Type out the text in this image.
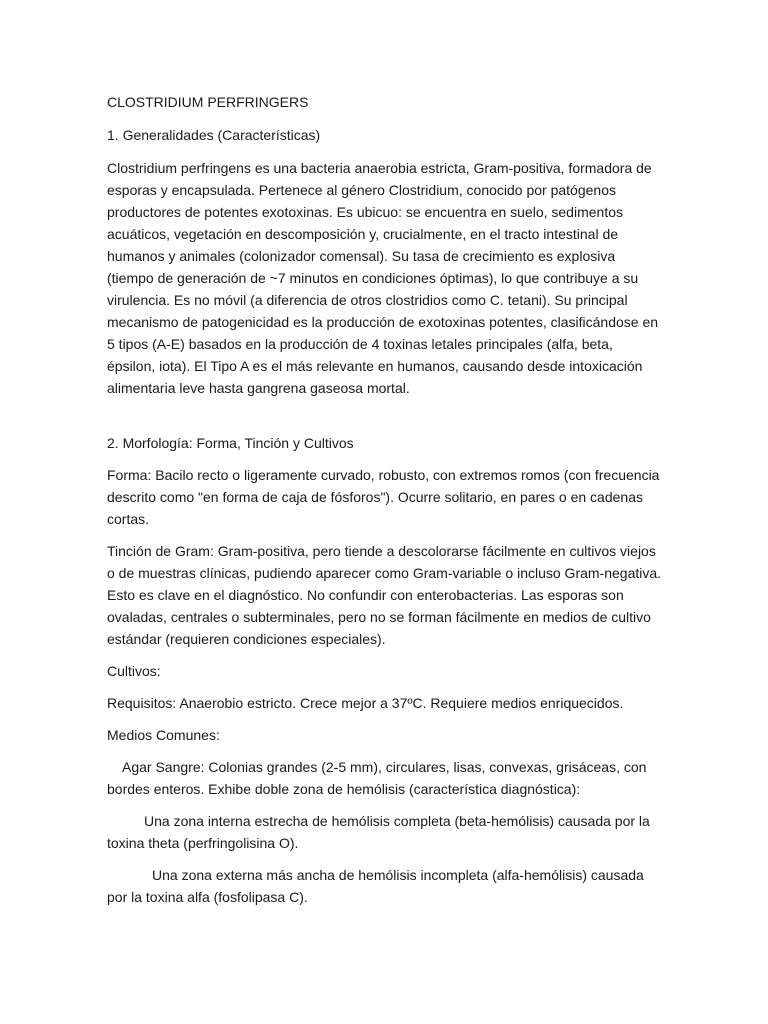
CLOSTRIDIUM PERFRINGERS

1. Generalidades (Características)

Clostridium perfringens es una bacteria anaerobia estricta, Gram-positiva, formadora de esporas y encapsulada. Pertenece al género Clostridium, conocido por patógenos productores de potentes exotoxinas. Es ubicuo: se encuentra en suelo, sedimentos acuáticos, vegetación en descomposición y, crucialmente, en el tracto intestinal de humanos y animales (colonizador comensal). Su tasa de crecimiento es explosiva (tiempo de generación de ~7 minutos en condiciones óptimas), lo que contribuye a su virulencia. Es no móvil (a diferencia de otros clostridios como C. tetani). Su principal mecanismo de patogenicidad es la producción de exotoxinas potentes, clasificándose en 5 tipos (A-E) basados en la producción de 4 toxinas letales principales (alfa, beta, épsilon, iota). El Tipo A es el más relevante en humanos, causando desde intoxicación alimentaria leve hasta gangrena gaseosa mortal.

2. Morfología: Forma, Tinción y Cultivos

Forma: Bacilo recto o ligeramente curvado, robusto, con extremos romos (con frecuencia descrito como "en forma de caja de fósforos"). Ocurre solitario, en pares o en cadenas cortas.

Tinción de Gram: Gram-positiva, pero tiende a descolorarse fácilmente en cultivos viejos o de muestras clínicas, pudiendo aparecer como Gram-variable o incluso Gram-negativa. Esto es clave en el diagnóstico. No confundir con enterobacterias. Las esporas son ovaladas, centrales o subterminales, pero no se forman fácilmente en medios de cultivo estándar (requieren condiciones especiales).

Cultivos:

Requisitos: Anaerobio estricto. Crece mejor a 37ºC. Requiere medios enriquecidos.

Medios Comunes:

Agar Sangre: Colonias grandes (2-5 mm), circulares, lisas, convexas, grisáceas, con bordes enteros. Exhibe doble zona de hemólisis (característica diagnóstica):

Una zona interna estrecha de hemólisis completa (beta-hemólisis) causada por la toxina theta (perfringolisina O).

Una zona externa más ancha de hemólisis incompleta (alfa-hemólisis) causada por la toxina alfa (fosfolipasa C).
